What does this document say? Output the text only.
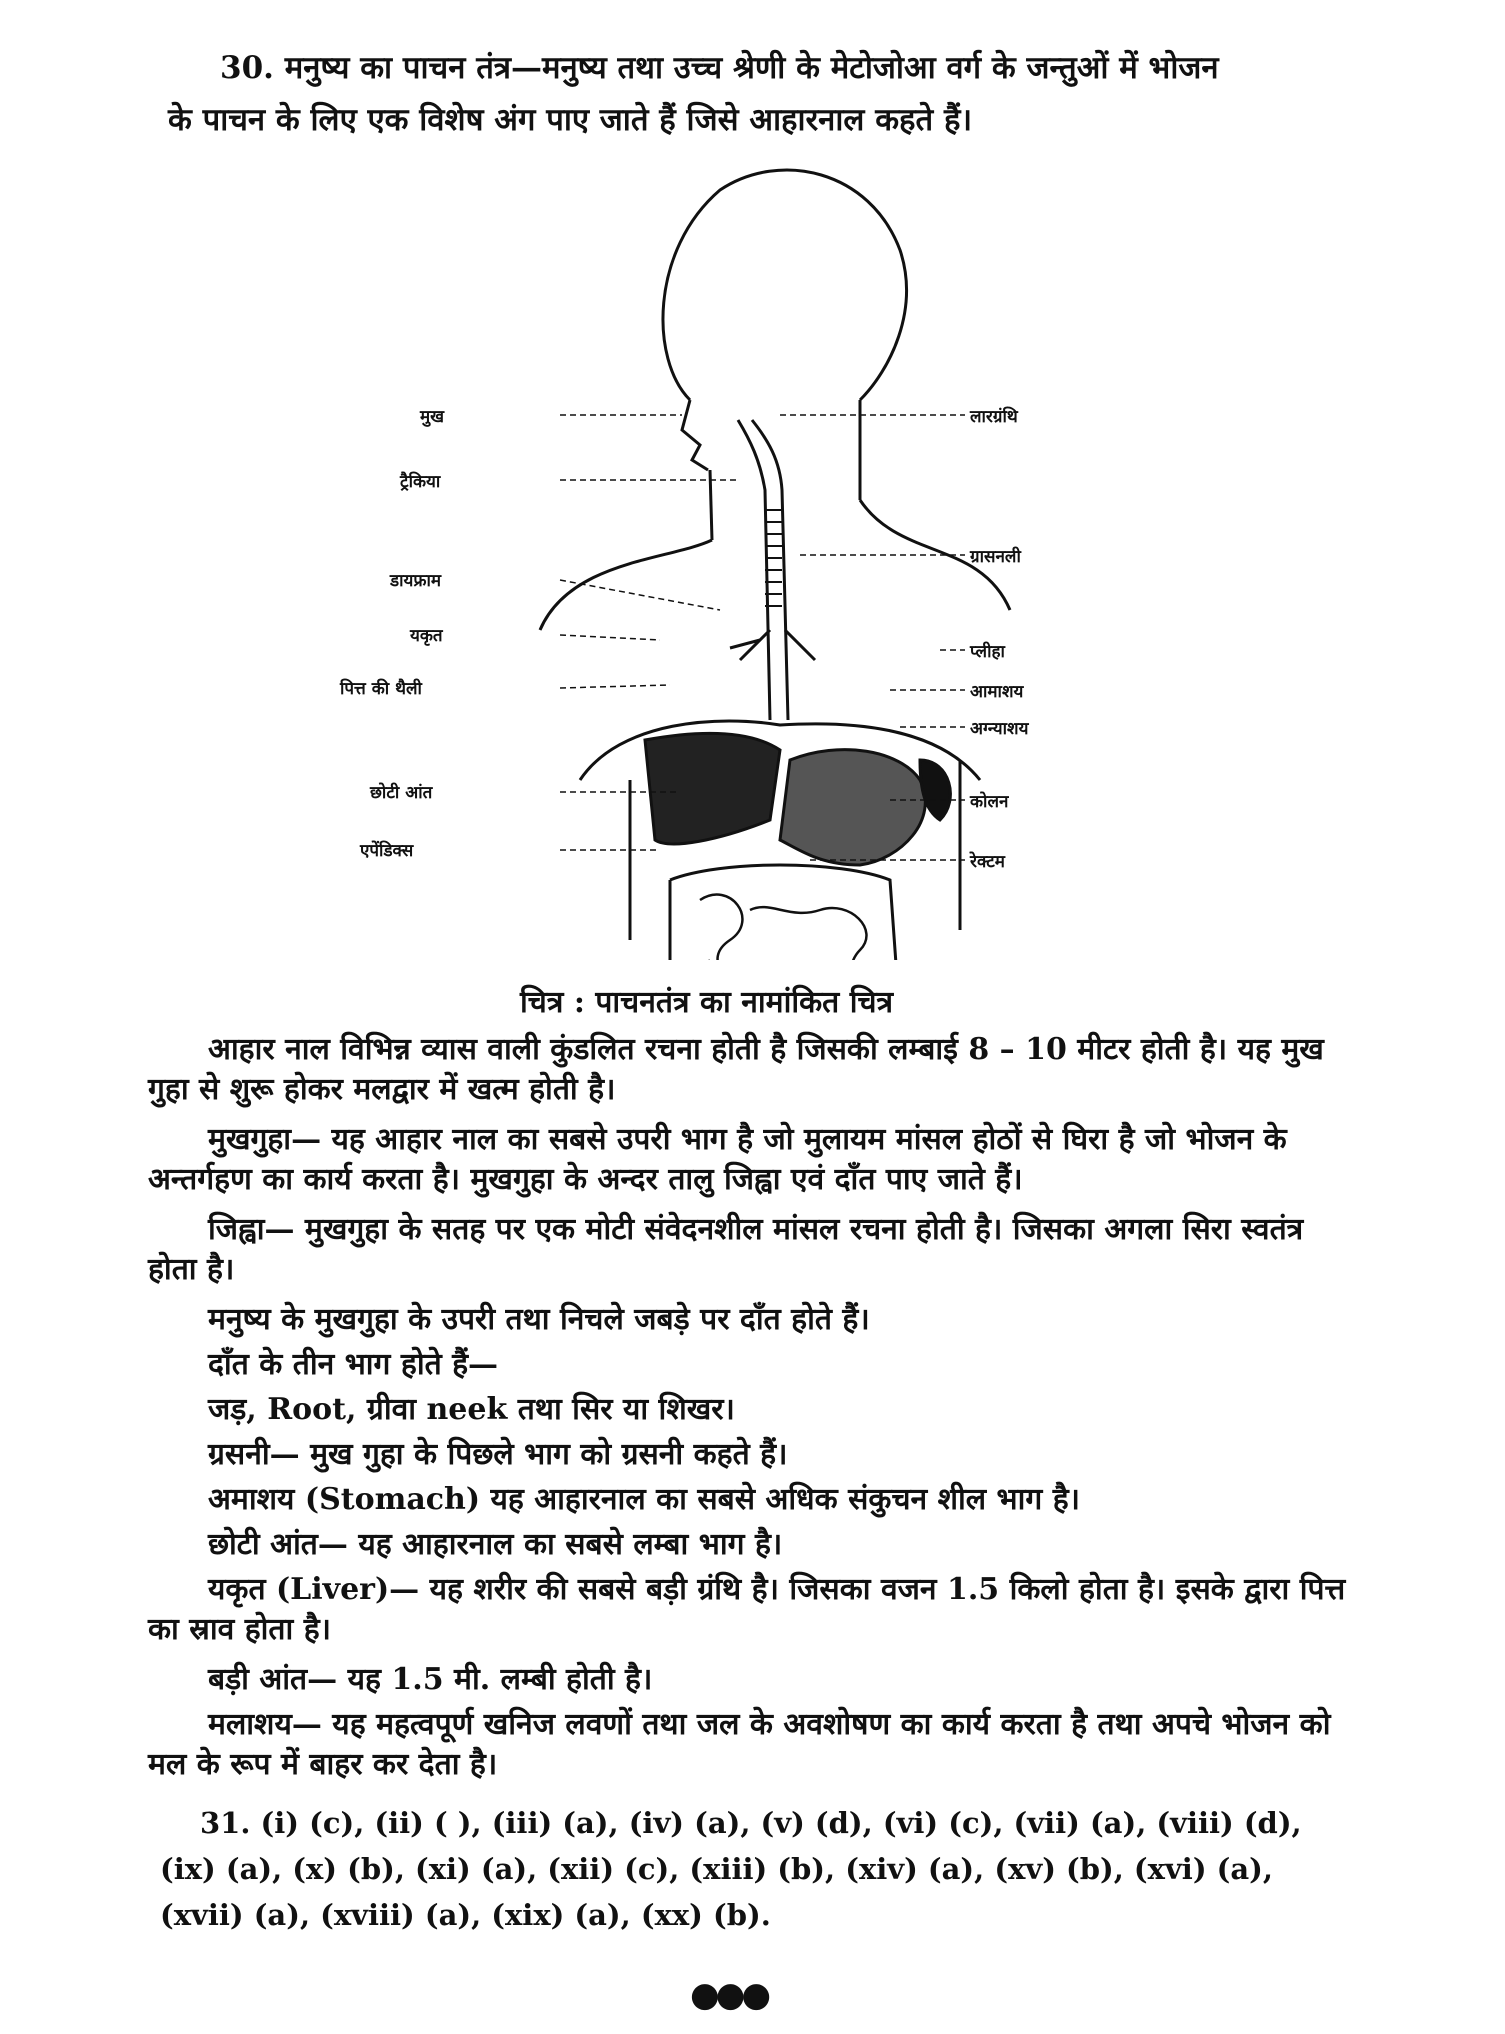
30. मनुष्य का पाचन तंत्र—मनुष्य तथा उच्च श्रेणी के मेटोजोआ वर्ग के जन्तुओं में भोजन
के पाचन के लिए एक विशेष अंग पाए जाते हैं जिसे आहारनाल कहते हैं।
मुख
ट्रैकिया
डायफ्राम
यकृत
पित्त की थैली
छोटी आंत
एपेंडिक्स
लारग्रंथि
ग्रासनली
प्लीहा
आमाशय
अग्न्याशय
कोलन
रेक्टम
चित्र : पाचनतंत्र का नामांकित चित्र
आहार नाल विभिन्न व्यास वाली कुंडलित रचना होती है जिसकी लम्बाई 8 – 10 मीटर होती है। यह मुख गुहा से शुरू होकर मलद्वार में खत्म होती है।
मुखगुहा— यह आहार नाल का सबसे उपरी भाग है जो मुलायम मांसल होठों से घिरा है जो भोजन के अन्तर्गहण का कार्य करता है। मुखगुहा के अन्दर तालु जिह्वा एवं दाँत पाए जाते हैं।
जिह्वा— मुखगुहा के सतह पर एक मोटी संवेदनशील मांसल रचना होती है। जिसका अगला सिरा स्वतंत्र होता है।
मनुष्य के मुखगुहा के उपरी तथा निचले जबड़े पर दाँत होते हैं।
दाँत के तीन भाग होते हैं—
जड़, Root, ग्रीवा neek तथा सिर या शिखर।
ग्रसनी— मुख गुहा के पिछले भाग को ग्रसनी कहते हैं।
अमाशय (Stomach) यह आहारनाल का सबसे अधिक संकुचन शील भाग है।
छोटी आंत— यह आहारनाल का सबसे लम्बा भाग है।
यकृत (Liver)— यह शरीर की सबसे बड़ी ग्रंथि है। जिसका वजन 1.5 किलो होता है। इसके द्वारा पित्त का स्राव होता है।
बड़ी आंत— यह 1.5 मी. लम्बी होती है।
मलाशय— यह महत्वपूर्ण खनिज लवणों तथा जल के अवशोषण का कार्य करता है तथा अपचे भोजन को मल के रूप में बाहर कर देता है।
31. (i) (c), (ii) ( ), (iii) (a), (iv) (a), (v) (d), (vi) (c), (vii) (a), (viii) (d), (ix) (a), (x) (b), (xi) (a), (xii) (c), (xiii) (b), (xiv) (a), (xv) (b), (xvi) (a), (xvii) (a), (xviii) (a), (xix) (a), (xx) (b).
●●●
